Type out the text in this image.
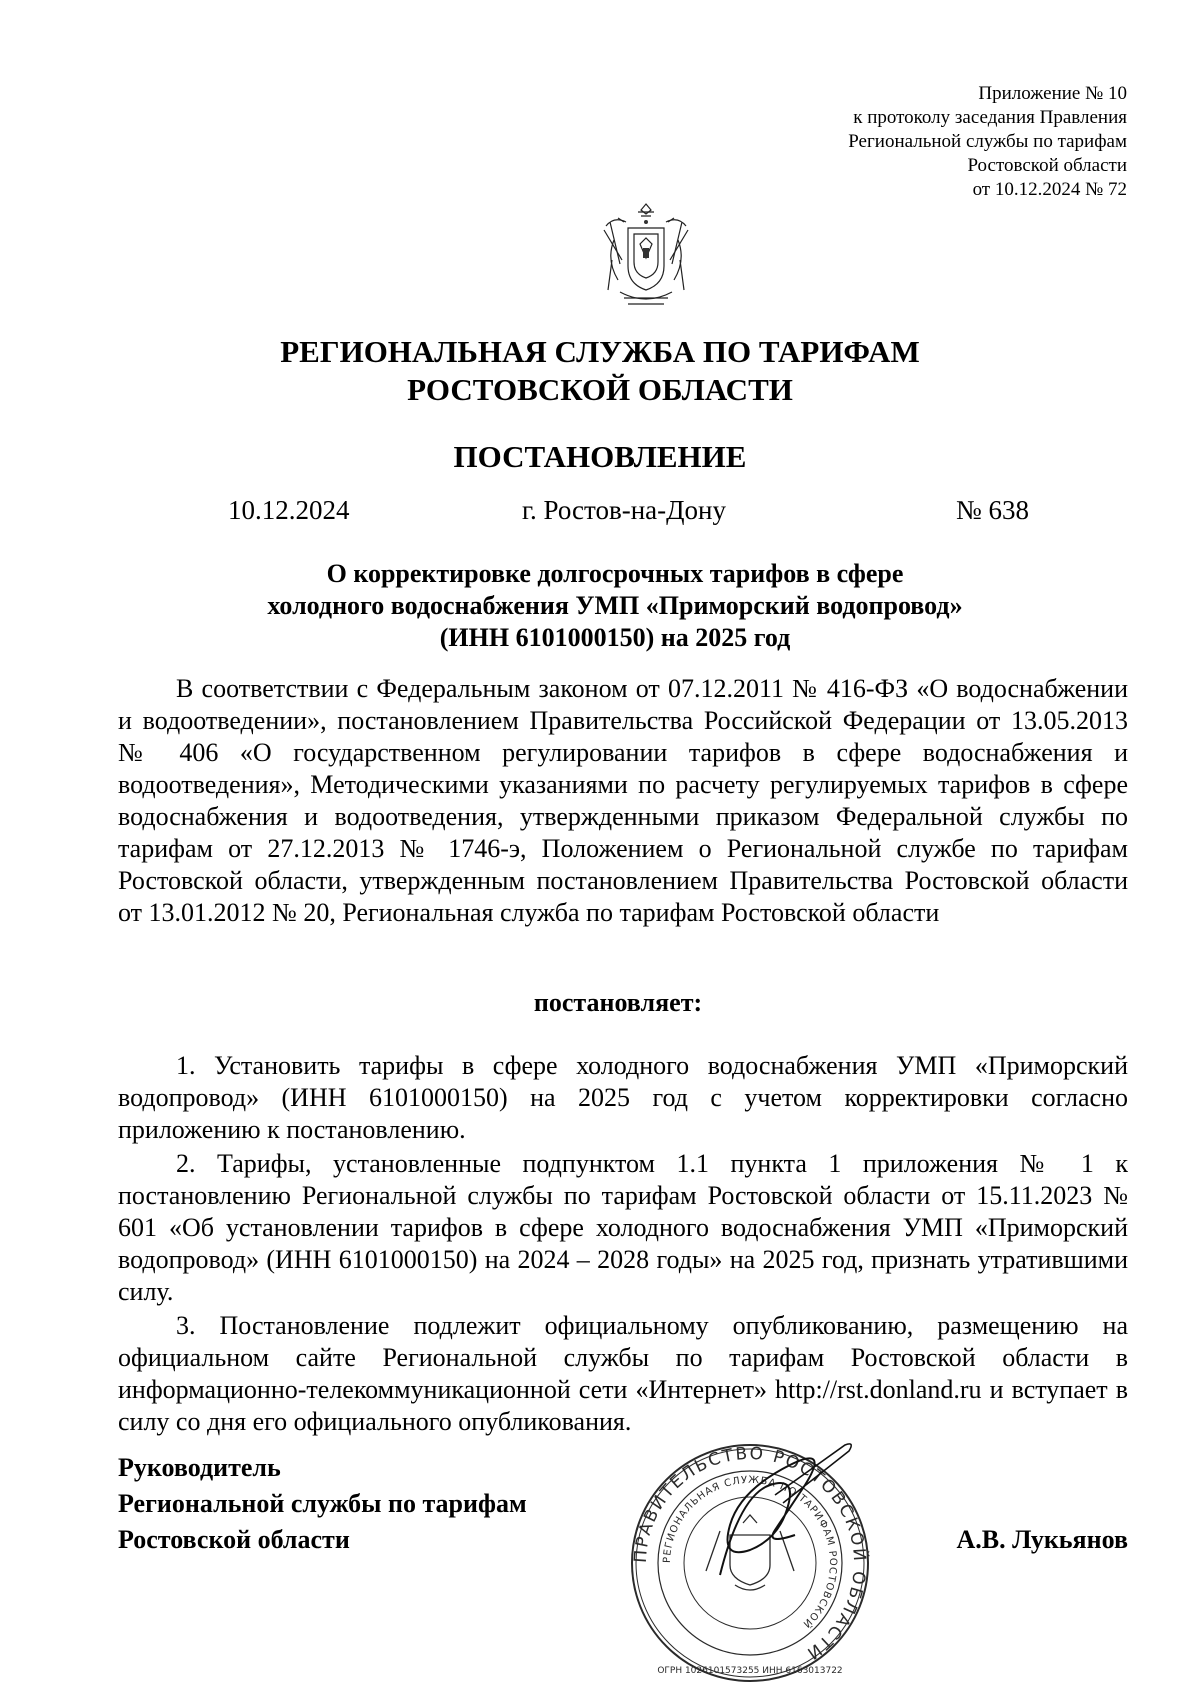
Приложение № 10
к протоколу заседания Правления
Региональной службы по тарифам
Ростовской области
от 10.12.2024 № 72
РЕГИОНАЛЬНАЯ СЛУЖБА ПО ТАРИФАМ
РОСТОВСКОЙ ОБЛАСТИ
ПОСТАНОВЛЕНИЕ
10.12.2024	г. Ростов-на-Дону	№ 638
О корректировке долгосрочных тарифов в сфере
холодного водоснабжения УМП «Приморский водопровод»
(ИНН 6101000150) на 2025 год
В соответствии с Федеральным законом от 07.12.2011 № 416-ФЗ «О водоснабжении и водоотведении», постановлением Правительства Российской Федерации от 13.05.2013 № 406 «О государственном регулировании тарифов в сфере водоснабжения и водоотведения», Методическими указаниями по расчету регулируемых тарифов в сфере водоснабжения и водоотведения, утвержденными приказом Федеральной службы по тарифам от 27.12.2013 № 1746-э, Положением о Региональной службе по тарифам Ростовской области, утвержденным постановлением Правительства Ростовской области от 13.01.2012 № 20, Региональная служба по тарифам Ростовской области
постановляет:
1. Установить тарифы в сфере холодного водоснабжения УМП «Приморский водопровод» (ИНН 6101000150) на 2025 год с учетом корректировки согласно приложению к постановлению.
2. Тарифы, установленные подпунктом 1.1 пункта 1 приложения № 1 к постановлению Региональной службы по тарифам Ростовской области от 15.11.2023 № 601 «Об установлении тарифов в сфере холодного водоснабжения УМП «Приморский водопровод» (ИНН 6101000150) на 2024 – 2028 годы» на 2025 год, признать утратившими силу.
3. Постановление подлежит официальному опубликованию, размещению на официальном сайте Региональной службы по тарифам Ростовской области в информационно-телекоммуникационной сети «Интернет» http://rst.donland.ru и вступает в силу со дня его официального опубликования.
Руководитель
Региональной службы по тарифам
Ростовской области
ПРАВИТЕЛЬСТВО РОСТОВСКОЙ ОБЛАСТИ
РЕГИОНАЛЬНАЯ СЛУЖБА ПО ТАРИФАМ РОСТОВСКОЙ
ОГРН 1026101573255 ИНН 6163013722
А.В. Лукьянов
